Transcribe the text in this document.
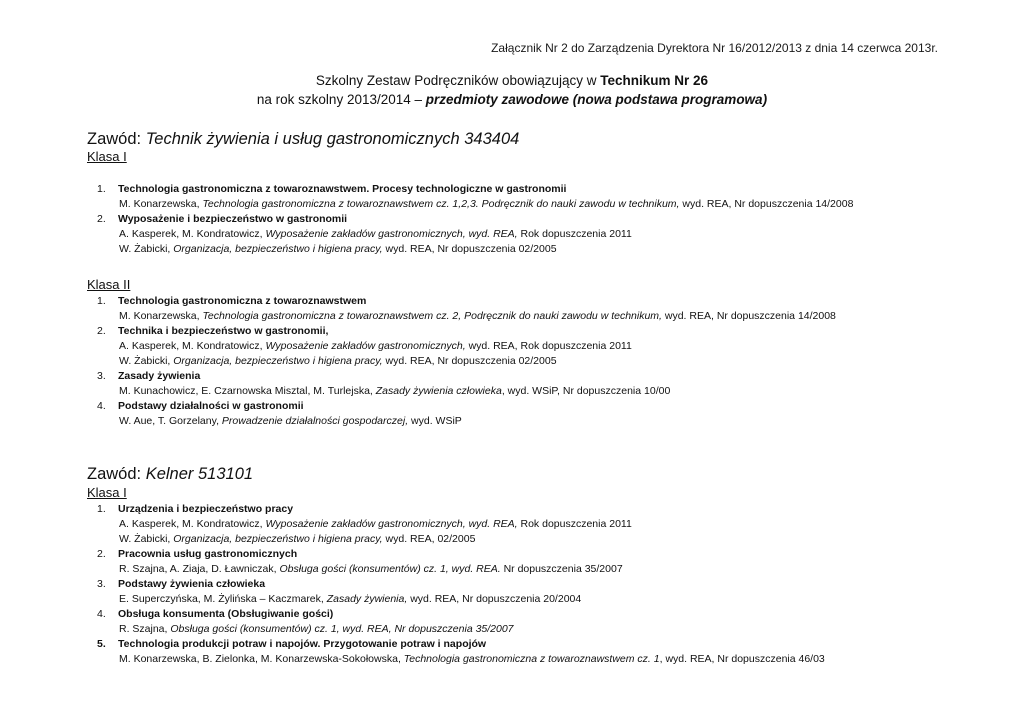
Załącznik Nr 2 do Zarządzenia Dyrektora Nr 16/2012/2013 z dnia 14 czerwca 2013r.
Szkolny Zestaw Podręczników obowiązujący w Technikum Nr 26
na rok szkolny 2013/2014 – przedmioty zawodowe (nowa podstawa programowa)

Zawód: Technik żywienia i usług gastronomicznych 343404

Klasa I

1.	Technologia gastronomiczna z towaroznawstwem. Procesy technologiczne w gastronomii
M. Konarzewska, Technologia gastronomiczna z towaroznawstwem cz. 1,2,3. Podręcznik do nauki zawodu w technikum, wyd. REA, Nr dopuszczenia 14/2008
2.	Wyposażenie i bezpieczeństwo w gastronomii
A. Kasperek, M. Kondratowicz, Wyposażenie zakładów gastronomicznych, wyd. REA, Rok dopuszczenia 2011
W. Żabicki, Organizacja, bezpieczeństwo i higiena pracy, wyd. REA, Nr dopuszczenia 02/2005

Klasa II

1.	Technologia gastronomiczna z towaroznawstwem
M. Konarzewska, Technologia gastronomiczna z towaroznawstwem cz. 2, Podręcznik do nauki zawodu w technikum, wyd. REA, Nr dopuszczenia 14/2008
2.	Technika i bezpieczeństwo w gastronomii,
A. Kasperek, M. Kondratowicz, Wyposażenie zakładów gastronomicznych, wyd. REA, Rok dopuszczenia 2011
W. Żabicki, Organizacja, bezpieczeństwo i higiena pracy, wyd. REA, Nr dopuszczenia 02/2005
3.	Zasady żywienia
M. Kunachowicz, E. Czarnowska Misztal, M. Turlejska, Zasady żywienia człowieka, wyd. WSiP, Nr dopuszczenia 10/00
4.	Podstawy działalności w gastronomii
W. Aue, T. Gorzelany, Prowadzenie działalności gospodarczej, wyd. WSiP

Zawód: Kelner 513101

Klasa I

1.	Urządzenia i bezpieczeństwo pracy
A. Kasperek, M. Kondratowicz, Wyposażenie zakładów gastronomicznych, wyd. REA, Rok dopuszczenia 2011
W. Żabicki, Organizacja, bezpieczeństwo i higiena pracy, wyd. REA, 02/2005
2.	Pracownia usług gastronomicznych
R. Szajna, A. Ziaja, D. Ławniczak, Obsługa gości (konsumentów) cz. 1, wyd. REA. Nr dopuszczenia 35/2007
3.	Podstawy żywienia człowieka
E. Superczyńska, M. Żylińska – Kaczmarek, Zasady żywienia, wyd. REA, Nr dopuszczenia 20/2004
4.	Obsługa konsumenta (Obsługiwanie gości)
R. Szajna, Obsługa gości (konsumentów) cz. 1, wyd. REA, Nr dopuszczenia 35/2007
5.	Technologia produkcji potraw i napojów. Przygotowanie potraw i napojów
M. Konarzewska, B. Zielonka, M. Konarzewska-Sokołowska, Technologia gastronomiczna z towaroznawstwem cz. 1, wyd. REA, Nr dopuszczenia 46/03
